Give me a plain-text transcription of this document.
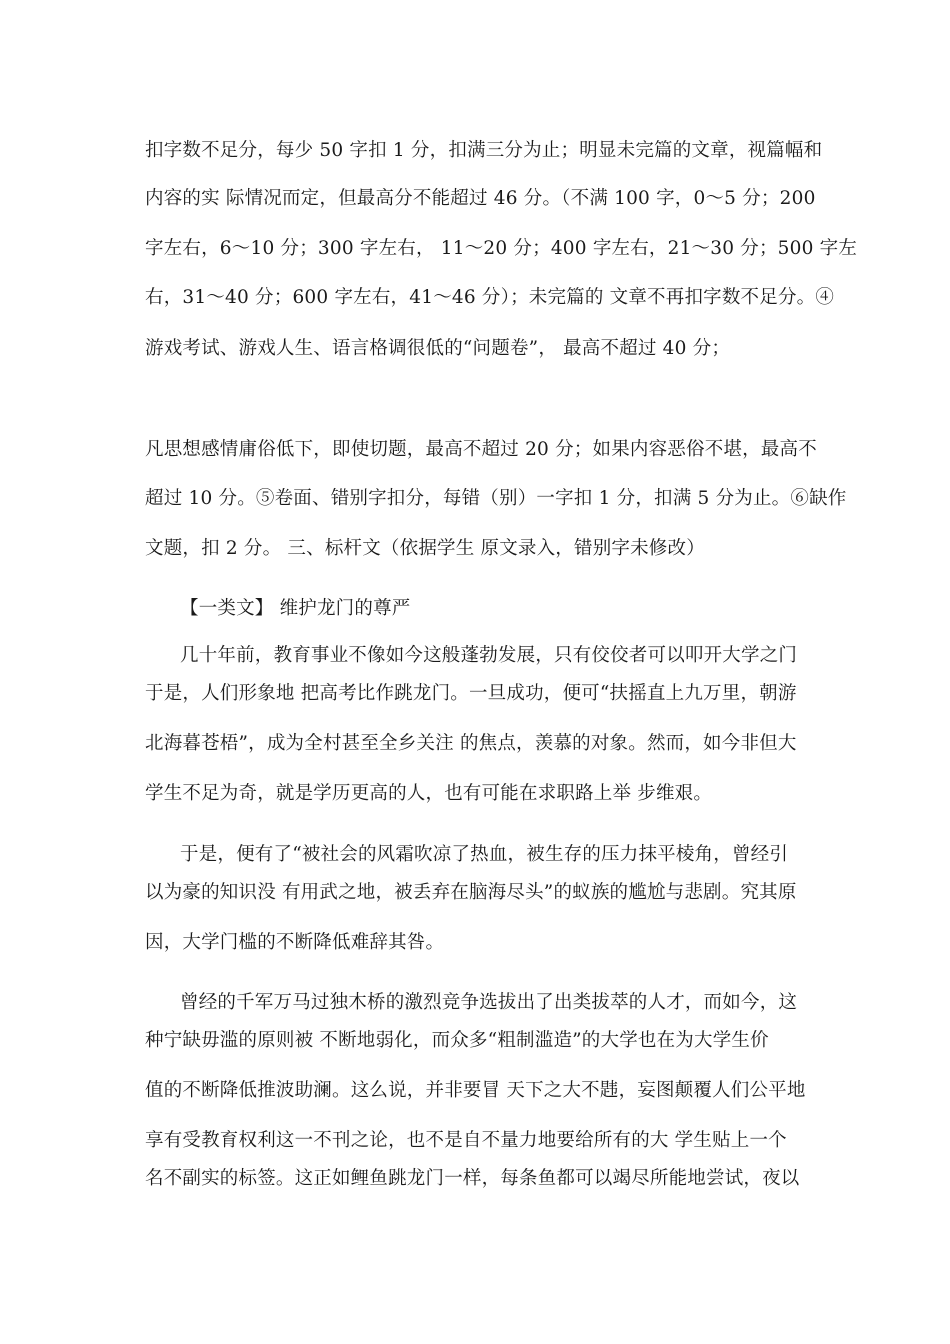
扣字数不足分，每少 50 字扣 1 分，扣满三分为止；明显未完篇的文章，视篇幅和
内容的实 际情况而定，但最高分不能超过 46 分。（不满 100 字，0～5 分；200
字左右，6～10 分；300 字左右， 11～20 分；400 字左右，21～30 分；500 字左
右，31～40 分；600 字左右，41～46 分）；未完篇的 文章不再扣字数不足分。④
游戏考试、游戏人生、语言格调很低的“问题卷”， 最高不超过 40 分；
凡思想感情庸俗低下，即使切题，最高不超过 20 分；如果内容恶俗不堪，最高不
超过 10 分。⑤卷面、错别字扣分，每错（别）一字扣 1 分，扣满 5 分为止。⑥缺作
文题，扣 2 分。 三、标杆文（依据学生 原文录入，错别字未修改）
【一类文】 维护龙门的尊严
几十年前，教育事业不像如今这般蓬勃发展，只有佼佼者可以叩开大学之门
于是，人们形象地 把高考比作跳龙门。一旦成功，便可“扶摇直上九万里，朝游
北海暮苍梧”，成为全村甚至全乡关注 的焦点，羡慕的对象。然而，如今非但大
学生不足为奇，就是学历更高的人，也有可能在求职路上举 步维艰。
于是，便有了“被社会的风霜吹凉了热血，被生存的压力抹平棱角，曾经引
以为豪的知识没 有用武之地，被丢弃在脑海尽头”的蚁族的尴尬与悲剧。究其原
因，大学门槛的不断降低难辞其咎。
曾经的千军万马过独木桥的激烈竞争选拔出了出类拔萃的人才，而如今，这
种宁缺毋滥的原则被 不断地弱化，而众多“粗制滥造”的大学也在为大学生价
值的不断降低推波助澜。这么说，并非要冒 天下之大不韪，妄图颠覆人们公平地
享有受教育权利这一不刊之论，也不是自不量力地要给所有的大 学生贴上一个
名不副实的标签。这正如鲤鱼跳龙门一样，每条鱼都可以竭尽所能地尝试，夜以
